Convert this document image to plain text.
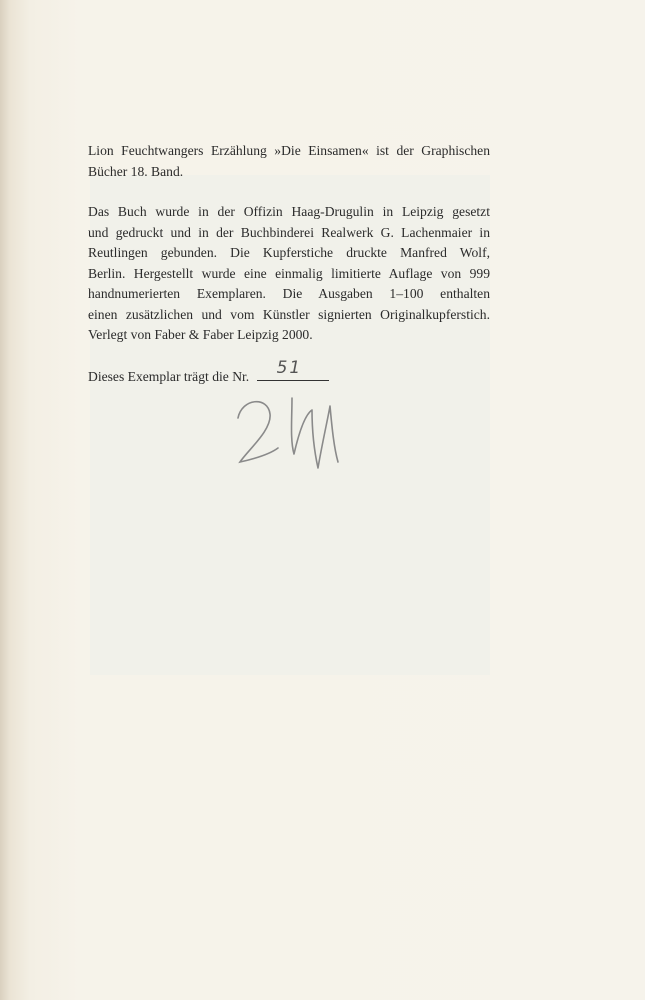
Lion Feuchtwangers Erzählung »Die Einsamen« ist der Graphischen
Bücher 18. Band.

Das Buch wurde in der Offizin Haag-Drugulin in Leipzig gesetzt
und gedruckt und in der Buchbinderei Realwerk G. Lachenmaier in
Reutlingen gebunden. Die Kupferstiche druckte Manfred Wolf,
Berlin. Hergestellt wurde eine einmalig limitierte Auflage von 999
handnumerierten Exemplaren. Die Ausgaben 1–100 enthalten
einen zusätzlichen und vom Künstler signierten Originalkupferstich.
Verlegt von Faber & Faber Leipzig 2000.

Dieses Exemplar trägt die Nr. 51
